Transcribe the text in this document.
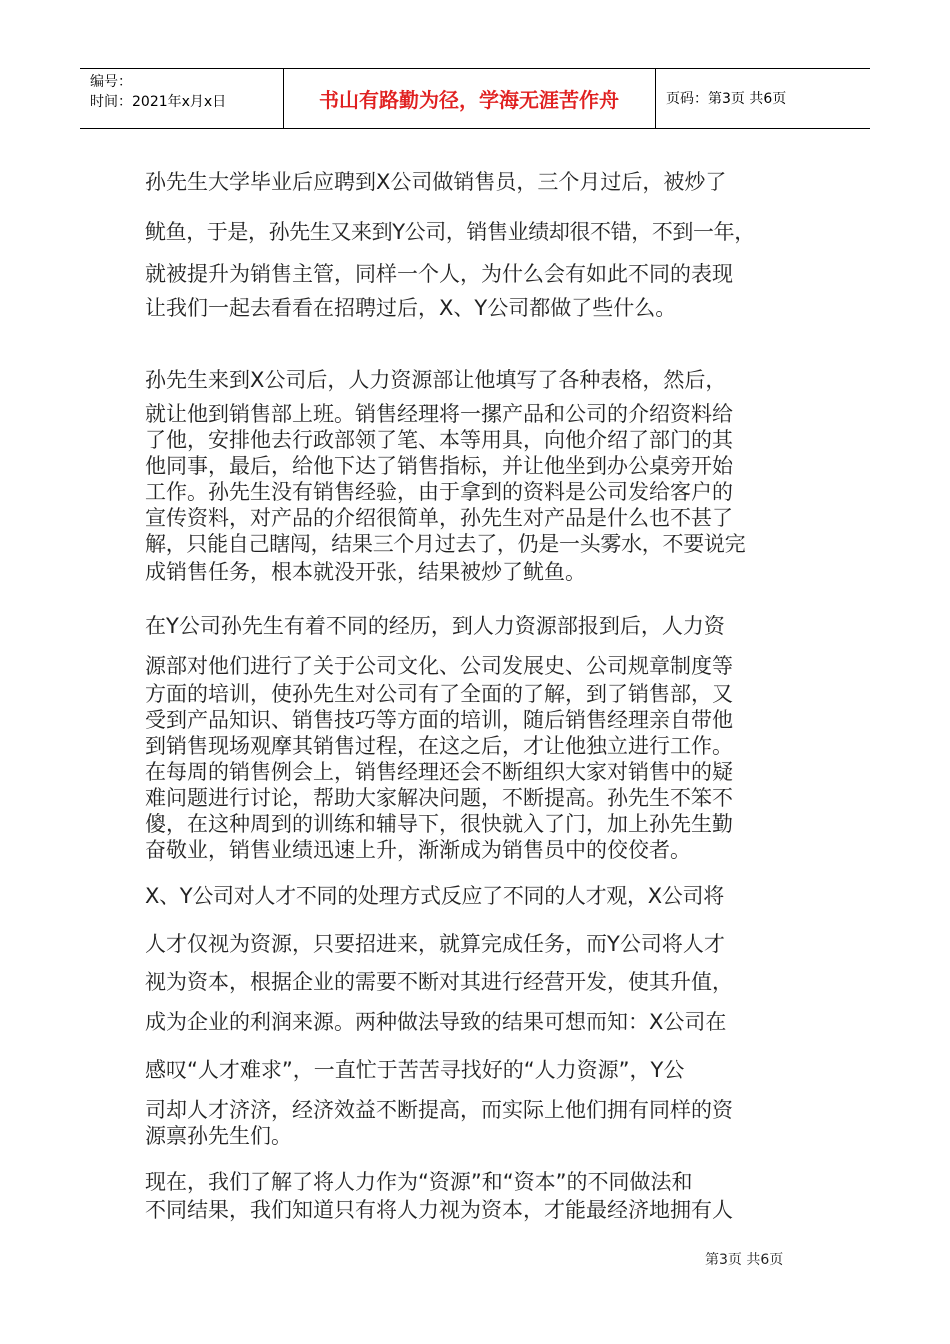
编号：
时间：2021年x月x日	书山有路勤为径，学海无涯苦作舟	页码：第3页 共6页
孙先生大学毕业后应聘到X公司做销售员，三个月过后，被炒了
鱿鱼，于是，孙先生又来到Y公司，销售业绩却很不错，不到一年，
就被提升为销售主管，同样一个人，为什么会有如此不同的表现
让我们一起去看看在招聘过后，X、Y公司都做了些什么。
孙先生来到X公司后，人力资源部让他填写了各种表格，然后，
就让他到销售部上班。销售经理将一摞产品和公司的介绍资料给
了他，安排他去行政部领了笔、本等用具，向他介绍了部门的其
他同事，最后，给他下达了销售指标，并让他坐到办公桌旁开始
工作。孙先生没有销售经验，由于拿到的资料是公司发给客户的
宣传资料，对产品的介绍很简单，孙先生对产品是什么也不甚了
解，只能自己瞎闯，结果三个月过去了，仍是一头雾水，不要说完
成销售任务，根本就没开张，结果被炒了鱿鱼。
在Y公司孙先生有着不同的经历，到人力资源部报到后，人力资
源部对他们进行了关于公司文化、公司发展史、公司规章制度等
方面的培训，使孙先生对公司有了全面的了解，到了销售部，又
受到产品知识、销售技巧等方面的培训，随后销售经理亲自带他
到销售现场观摩其销售过程，在这之后，才让他独立进行工作。
在每周的销售例会上，销售经理还会不断组织大家对销售中的疑
难问题进行讨论，帮助大家解决问题，不断提高。孙先生不笨不
傻，在这种周到的训练和辅导下，很快就入了门，加上孙先生勤
奋敬业，销售业绩迅速上升，渐渐成为销售员中的佼佼者。
X、Y公司对人才不同的处理方式反应了不同的人才观，X公司将
人才仅视为资源，只要招进来，就算完成任务，而Y公司将人才
视为资本，根据企业的需要不断对其进行经营开发，使其升值，
成为企业的利润来源。两种做法导致的结果可想而知：X公司在
感叹“人才难求”，一直忙于苦苦寻找好的“人力资源”，Y公
司却人才济济，经济效益不断提高，而实际上他们拥有同样的资
源禀孙先生们。
现在，我们了解了将人力作为“资源”和“资本”的不同做法和
不同结果，我们知道只有将人力视为资本，才能最经济地拥有人
第3页 共6页
